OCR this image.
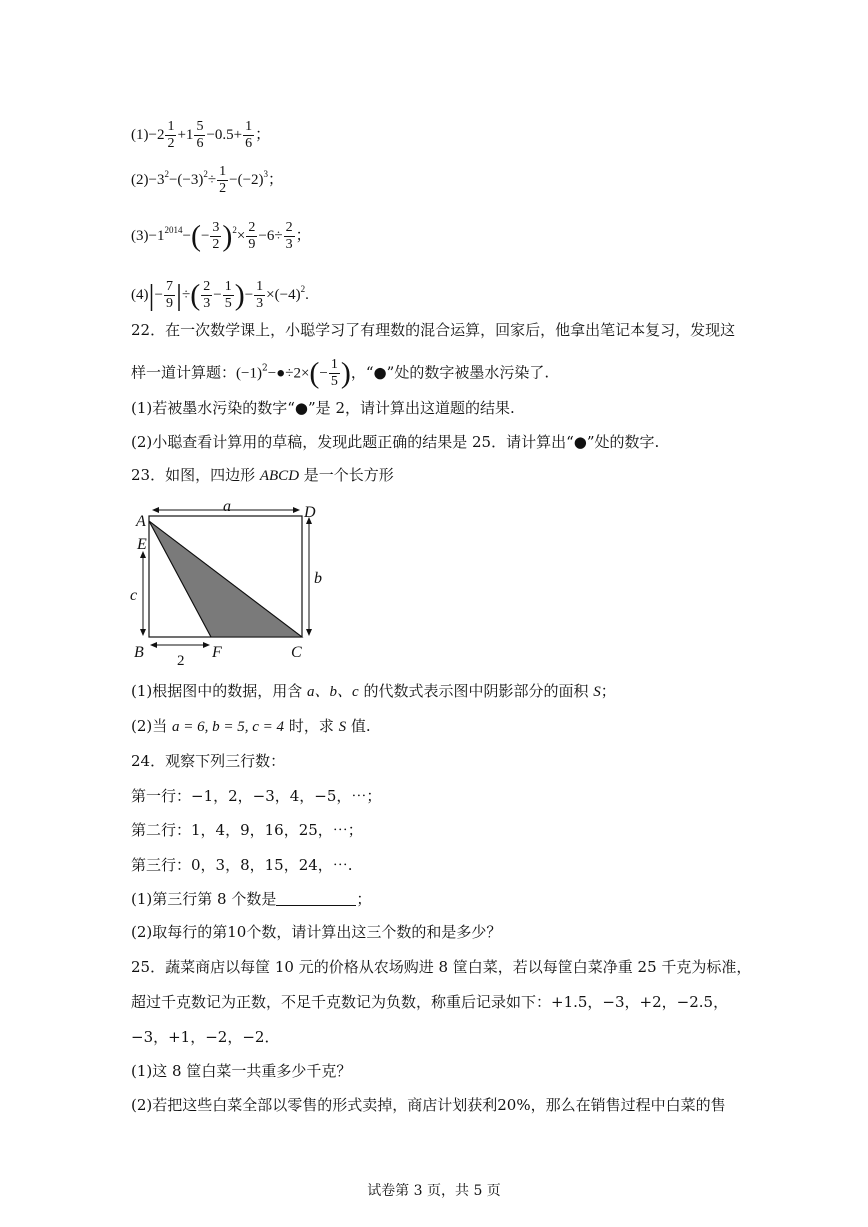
$(1)-2 \frac{1}{2} +1 \frac{5}{6} -0.5+ \frac{1}{6}$ ；
$(2)-3^2-(-3)^2\div \frac{1}{2} -(-2)^3$；
$(3)-1^{2014}-(- \frac{3}{2} )^2\times \frac{2}{9} -6\div \frac{2}{3}$ ；
$(4)|- \frac{7}{9}$ |÷( $\frac{2}{3} - \frac{1}{5}$ )− $\frac{1}{3} \times(-4)^2$.
22．在一次数学课上，小聪学习了有理数的混合运算，回家后，他拿出笔记本复习，发现这
样一道计算题：$(-1)^2-●\div 2\times(- \frac{1}{5}$ )，“●”处的数字被墨水污染了.
(1)若被墨水污染的数字“●”是 2，请计算出这道题的结果.
(2)小聪查看计算用的草稿，发现此题正确的结果是 25．请计算出“●”处的数字.
23．如图，四边形 ABCD 是一个长方形
A
D
E
B	F	C
a
b
c
2
(1)根据图中的数据，用含 a、b、c 的代数式表示图中阴影部分的面积 S；
(2)当 a = 6, b = 5, c = 4 时，求 S 值.
24．观察下列三行数：
第一行：−1，2，−3，4，−5，⋯；
第二行：1，4，9，16，25，⋯；
第三行：0，3，8，15，24，⋯.
(1)第三行第 8 个数是	；
(2)取每行的第10个数，请计算出这三个数的和是多少？
25．蔬菜商店以每筐 10 元的价格从农场购进 8 筐白菜，若以每筐白菜净重 25 千克为标准，
超过千克数记为正数，不足千克数记为负数，称重后记录如下：+1.5，−3，+2，−2.5，
−3，+1，−2，−2．
(1)这 8 筐白菜一共重多少千克？
(2)若把这些白菜全部以零售的形式卖掉，商店计划获利20%，那么在销售过程中白菜的售
试卷第 3 页，共 5 页
